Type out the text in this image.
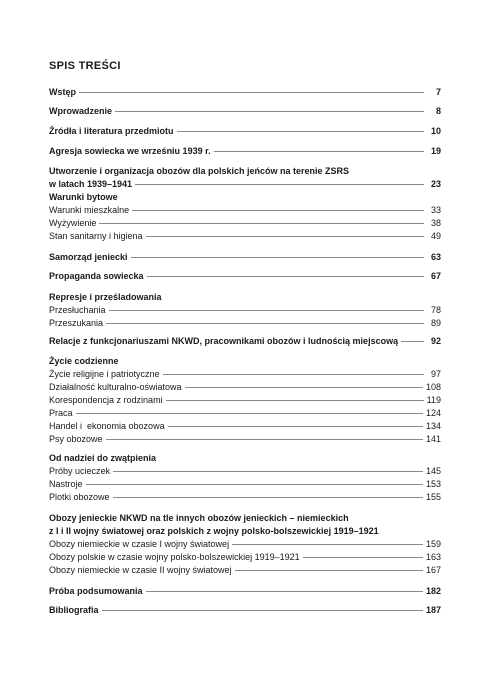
SPIS TREŚCI
Wstęp	7
Wprowadzenie	8
Źródła i literatura przedmiotu	10
Agresja sowiecka we wrześniu 1939 r.	19
Utworzenie i organizacja obozów dla polskich jeńców na terenie ZSRS
w latach 1939–1941	23
Warunki bytowe
Warunki mieszkalne	33
Wyżywienie	38
Stan sanitarny i higiena	49
Samorząd jeniecki	63
Propaganda sowiecka	67
Represje i prześladowania
Przesłuchania	78
Przeszukania	89
Relacje z funkcjonariuszami NKWD, pracownikami obozów i ludnością miejscową	92
Życie codzienne
Życie religijne i patriotyczne	97
Działalność kulturalno-oświatowa	108
Korespondencja z rodzinami	119
Praca	124
Handel i  ekonomia obozowa	134
Psy obozowe	141
Od nadziei do zwątpienia
Próby ucieczek	145
Nastroje	153
Plotki obozowe	155
Obozy jenieckie NKWD na tle innych obozów jenieckich – niemieckich
z I i II wojny światowej oraz polskich z wojny polsko-bolszewickiej 1919–1921
Obozy niemieckie w czasie I wojny światowej	159
Obozy polskie w czasie wojny polsko-bolszewickiej 1919–1921	163
Obozy niemieckie w czasie II wojny światowej	167
Próba podsumowania	182
Bibliografia	187
